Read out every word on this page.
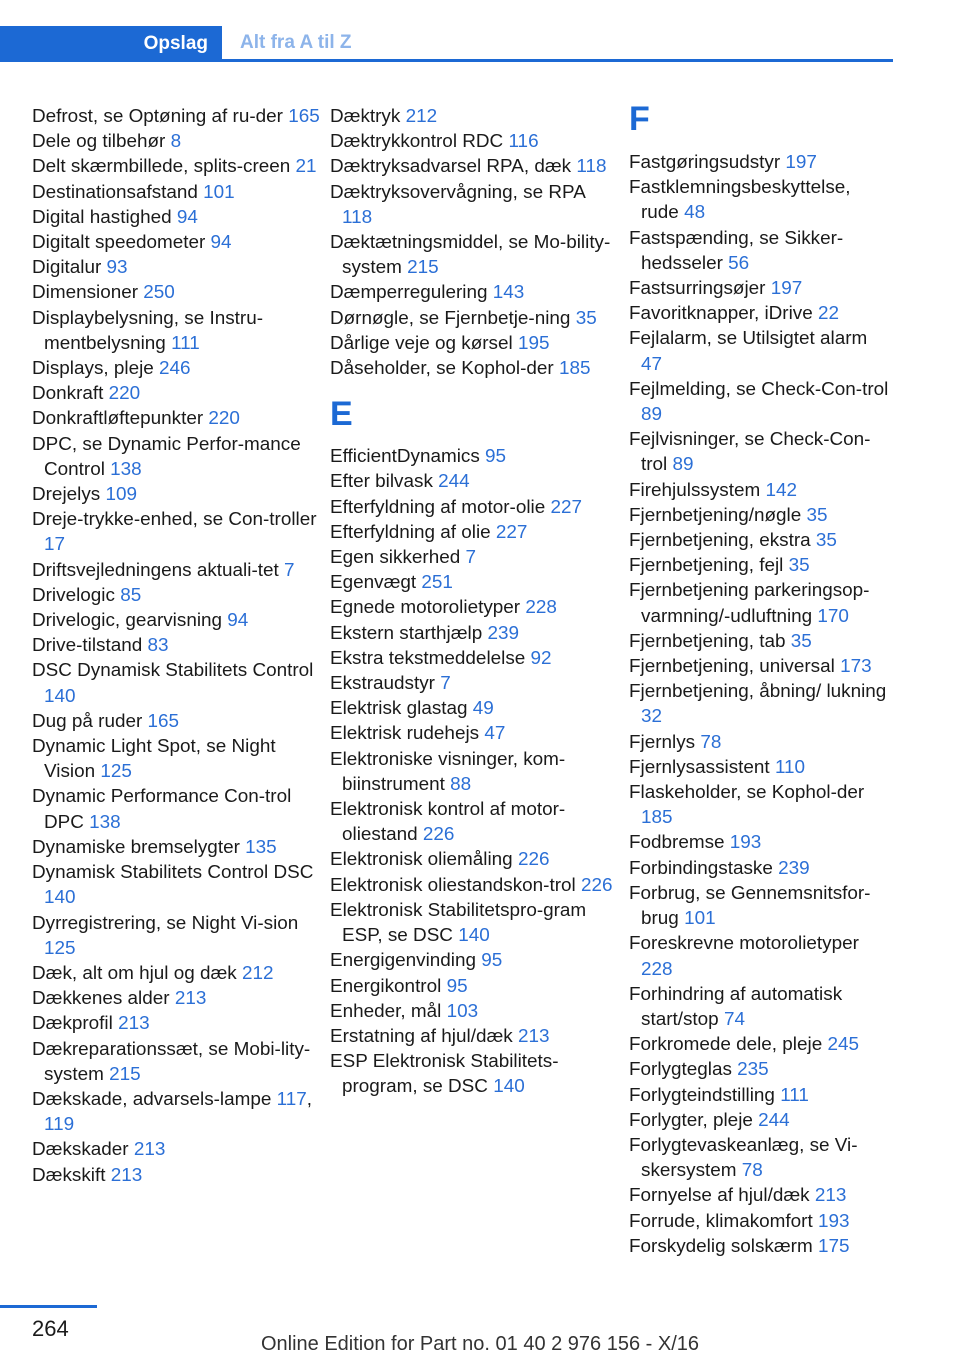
Opslag	Alt fra A til Z
Defrost, se Optøning af ru‐der 165
Dele og tilbehør 8
Delt skærmbillede, splits‐creen 21
Destinationsafstand 101
Digital hastighed 94
Digitalt speedometer 94
Digitalur 93
Dimensioner 250
Displaybelysning, se Instru‐mentbelysning 111
Displays, pleje 246
Donkraft 220
Donkraftløftepunkter 220
DPC, se Dynamic Perfor‐mance Control 138
Drejelys 109
Dreje-trykke-enhed, se Con‐troller 17
Driftsvejledningens aktuali‐tet 7
Drivelogic 85
Drivelogic, gearvisning 94
Drive-tilstand 83
DSC Dynamisk Stabilitets Control 140
Dug på ruder 165
Dynamic Light Spot, se Night Vision 125
Dynamic Performance Con‐trol DPC 138
Dynamiske bremselygter 135
Dynamisk Stabilitets Control DSC 140
Dyrregistrering, se Night Vi‐sion 125
Dæk, alt om hjul og dæk 212
Dækkenes alder 213
Dækprofil 213
Dækreparationssæt, se Mobi‐lity-system 215
Dækskade, advarsels‐lampe 117, 119
Dækskader 213
Dækskift 213
Dæktryk 212
Dæktrykkontrol RDC 116
Dæktryksadvarsel RPA, dæk 118
Dæktryksovervågning, se RPA 118
Dæktætningsmiddel, se Mo‐bility-system 215
Dæmperregulering 143
Dørnøgle, se Fjernbetje‐ning 35
Dårlige veje og kørsel 195
Dåseholder, se Kophol‐der 185
E
EfficientDynamics 95
Efter bilvask 244
Efterfyldning af motor‐olie 227
Efterfyldning af olie 227
Egen sikkerhed 7
Egenvægt 251
Egnede motorolietyper 228
Ekstern starthjælp 239
Ekstra tekstmeddelelse 92
Ekstraudstyr 7
Elektrisk glastag 49
Elektrisk rudehejs 47
Elektroniske visninger, kom‐biinstrument 88
Elektronisk kontrol af motor‐oliestand 226
Elektronisk oliemåling 226
Elektronisk oliestandskon‐trol 226
Elektronisk Stabilitetspro‐gram ESP, se DSC 140
Energigenvinding 95
Energikontrol 95
Enheder, mål 103
Erstatning af hjul/dæk 213
ESP Elektronisk Stabilitets‐program, se DSC 140
F
Fastgøringsudstyr 197
Fastklemningsbeskyttelse, rude 48
Fastspænding, se Sikker‐hedsseler 56
Fastsurringsøjer 197
Favoritknapper, iDrive 22
Fejlalarm, se Utilsigtet alarm 47
Fejlmelding, se Check-Con‐trol 89
Fejlvisninger, se Check-Con‐trol 89
Firehjulssystem 142
Fjernbetjening/nøgle 35
Fjernbetjening, ekstra 35
Fjernbetjening, fejl 35
Fjernbetjening parkeringsop‐varmning/-udluftning 170
Fjernbetjening, tab 35
Fjernbetjening, universal 173
Fjernbetjening, åbning/ lukning 32
Fjernlys 78
Fjernlysassistent 110
Flaskeholder, se Kophol‐der 185
Fodbremse 193
Forbindingstaske 239
Forbrug, se Gennemsnitsfor‐brug 101
Foreskrevne motorolietyper 228
Forhindring af automatisk start/stop 74
Forkromede dele, pleje 245
Forlygteglas 235
Forlygteindstilling 111
Forlygter, pleje 244
Forlygtevaskeanlæg, se Vi‐skersystem 78
Fornyelse af hjul/dæk 213
Forrude, klimakomfort 193
Forskydelig solskærm 175
264
Online Edition for Part no. 01 40 2 976 156 - X/16
